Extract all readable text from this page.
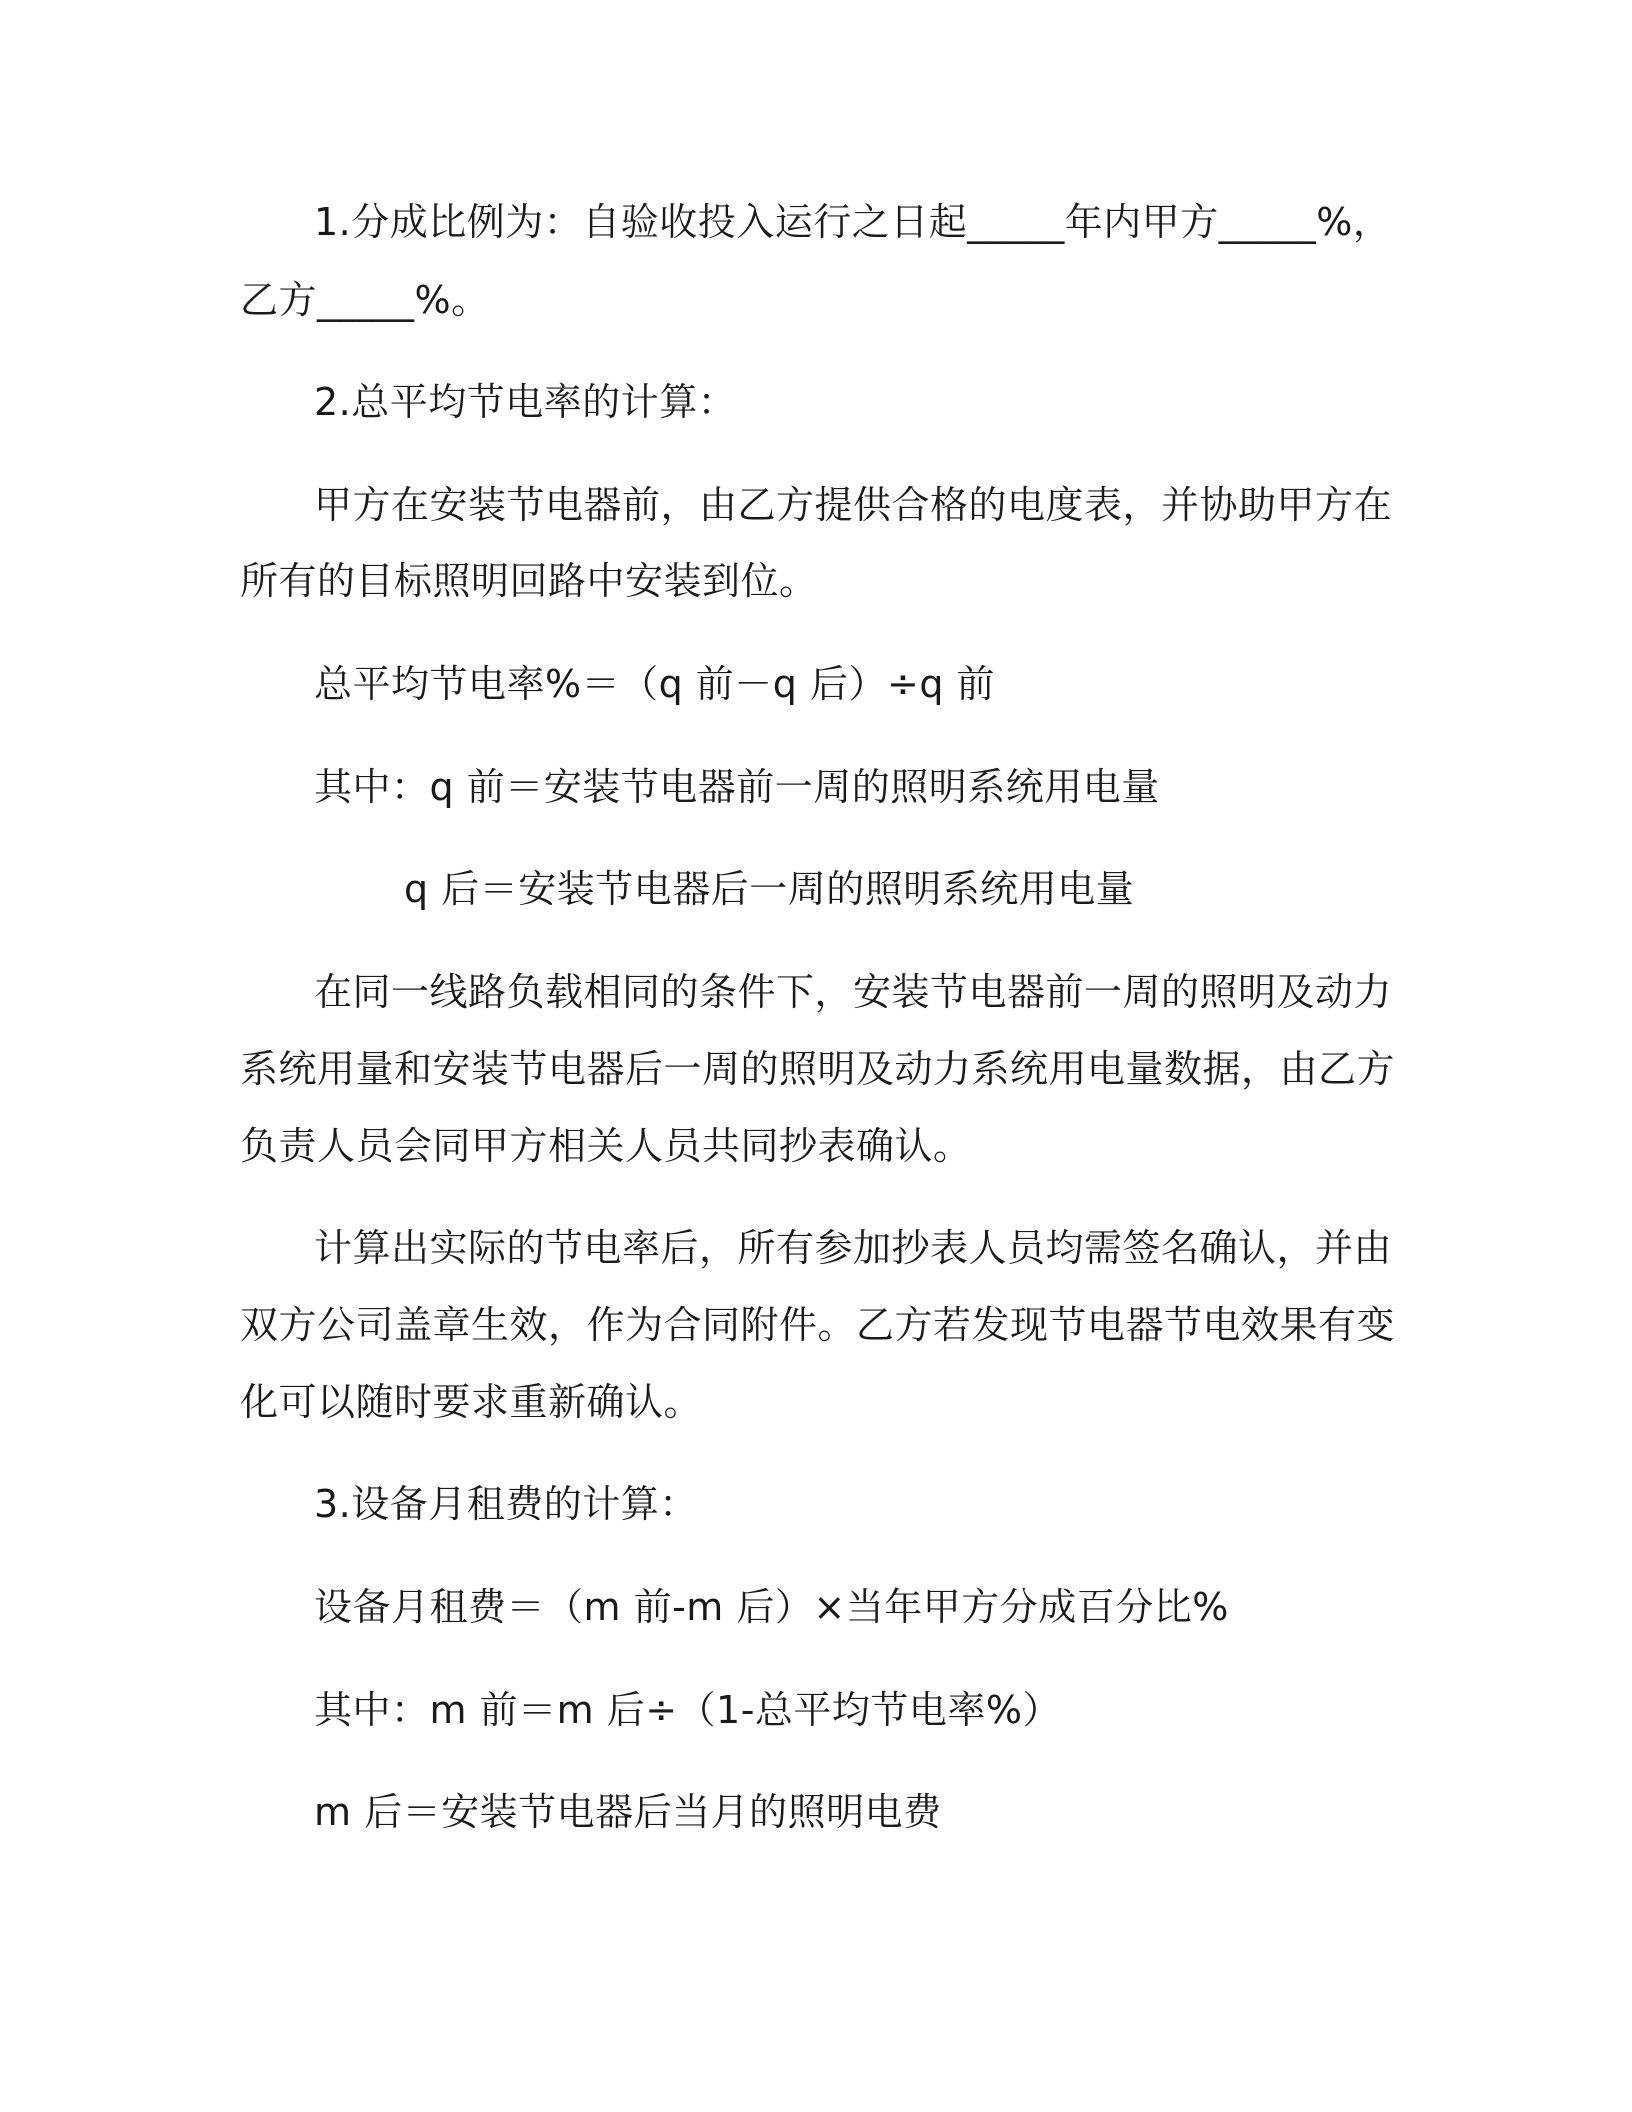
1.分成比例为：自验收投入运行之日起_____年内甲方_____%，
乙方_____%。
2.总平均节电率的计算：
甲方在安装节电器前，由乙方提供合格的电度表，并协助甲方在
所有的目标照明回路中安装到位。
总平均节电率%＝（q 前－q 后）÷q 前
其中：q 前＝安装节电器前一周的照明系统用电量
q 后＝安装节电器后一周的照明系统用电量
在同一线路负载相同的条件下，安装节电器前一周的照明及动力
系统用量和安装节电器后一周的照明及动力系统用电量数据，由乙方
负责人员会同甲方相关人员共同抄表确认。
计算出实际的节电率后，所有参加抄表人员均需签名确认，并由
双方公司盖章生效，作为合同附件。乙方若发现节电器节电效果有变
化可以随时要求重新确认。
3.设备月租费的计算：
设备月租费＝（m 前-m 后）×当年甲方分成百分比%
其中：m 前＝m 后÷（1-总平均节电率%）
m 后＝安装节电器后当月的照明电费
